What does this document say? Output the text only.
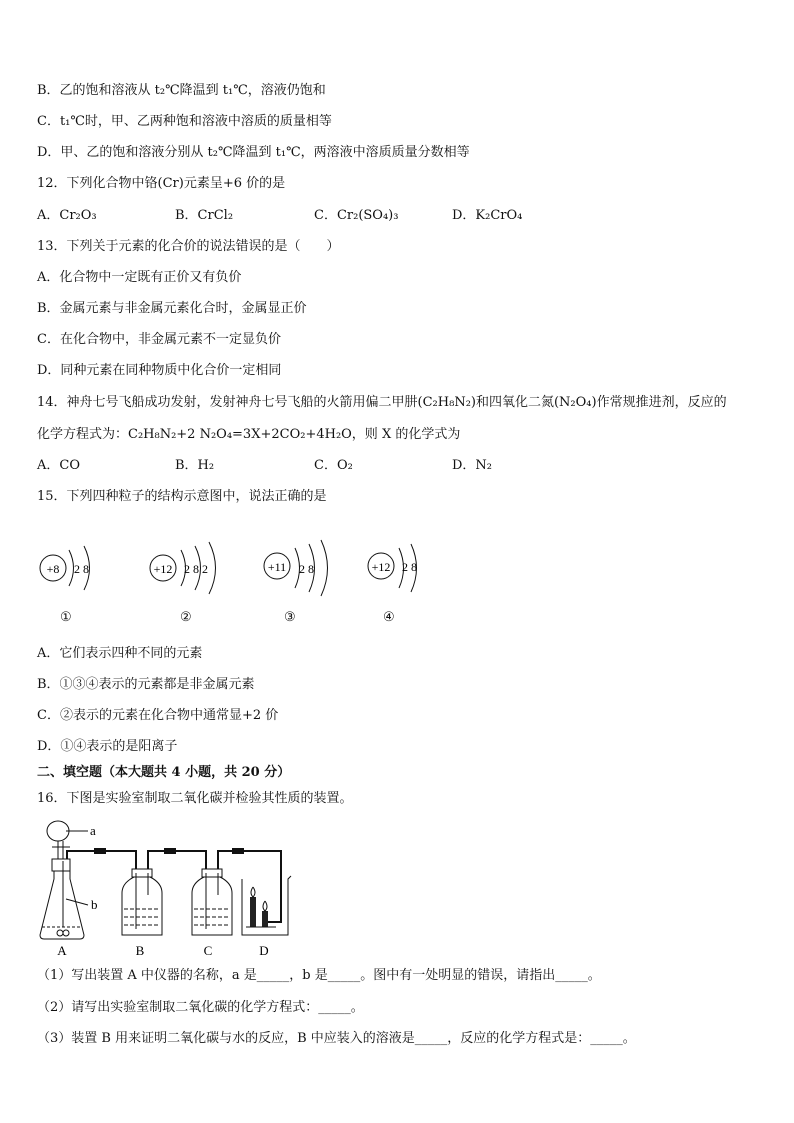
B．乙的饱和溶液从 t₂℃降温到 t₁℃，溶液仍饱和
C．t₁℃时，甲、乙两种饱和溶液中溶质的质量相等
D．甲、乙的饱和溶液分别从 t₂℃降温到 t₁℃，两溶液中溶质质量分数相等
12．下列化合物中铬(Cr)元素呈+6 价的是
A．Cr₂O₃	B．CrCl₂	C．Cr₂(SO₄)₃	D．K₂CrO₄
13．下列关于元素的化合价的说法错误的是（　　）
A．化合物中一定既有正价又有负价
B．金属元素与非金属元素化合时，金属显正价
C．在化合物中，非金属元素不一定显负价
D．同种元素在同种物质中化合价一定相同
14．神舟七号飞船成功发射，发射神舟七号飞船的火箭用偏二甲肼(C₂H₈N₂)和四氧化二氮(N₂O₄)作常规推进剂，反应的
化学方程式为：C₂H₈N₂+2 N₂O₄=3X+2CO₂+4H₂O，则 X 的化学式为
A．CO	B．H₂	C．O₂	D．N₂
15．下列四种粒子的结构示意图中，说法正确的是
+8 2 8
①
+12 2 8 2
②
+11 2 8
③
+12 2 8
④
A．它们表示四种不同的元素
B．①③④表示的元素都是非金属元素
C．②表示的元素在化合物中通常显+2 价
D．①④表示的是阳离子
二、填空题（本大题共 4 小题，共 20 分）
16．下图是实验室制取二氧化碳并检验其性质的装置。
a
b
A	B	C	D
（1）写出装置 A 中仪器的名称，a 是_____，b 是_____。图中有一处明显的错误，请指出_____。
（2）请写出实验室制取二氧化碳的化学方程式：_____。
（3）装置 B 用来证明二氧化碳与水的反应，B 中应装入的溶液是_____，反应的化学方程式是：_____。
